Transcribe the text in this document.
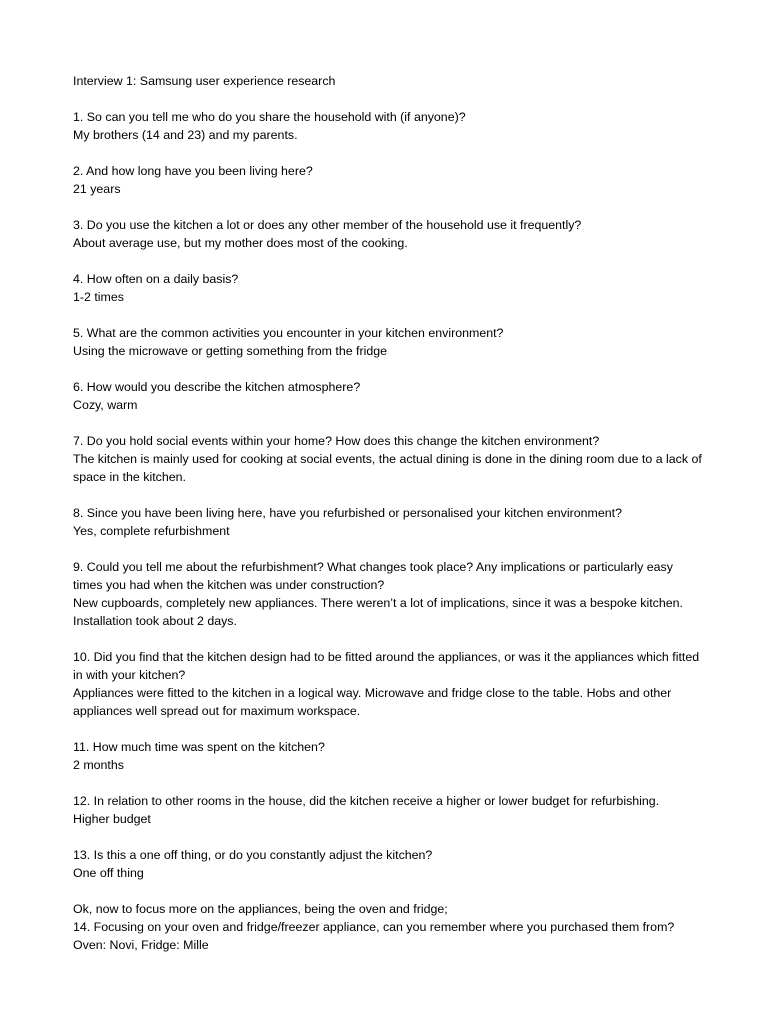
Interview 1: Samsung user experience research

1. So can you tell me who do you share the household with (if anyone)?

My brothers (14 and 23) and my parents.

2. And how long have you been living here?

21 years

3. Do you use the kitchen a lot or does any other member of the household use it frequently?

About average use, but my mother does most of the cooking.

4. How often on a daily basis?

1-2 times

5. What are the common activities you encounter in your kitchen environment?

Using the microwave or getting something from the fridge

6. How would you describe the kitchen atmosphere?

Cozy, warm

7. Do you hold social events within your home? How does this change the kitchen environment?

The kitchen is mainly used for cooking at social events, the actual dining is done in the dining room due to a lack of space in the kitchen.

8. Since you have been living here, have you refurbished or personalised your kitchen environment?

Yes, complete refurbishment

9. Could you tell me about the refurbishment? What changes took place? Any implications or particularly easy times you had when the kitchen was under construction?

New cupboards, completely new appliances. There weren’t a lot of implications, since it was a bespoke kitchen. Installation took about 2 days.

10. Did you find that the kitchen design had to be fitted around the appliances, or was it the appliances which fitted in with your kitchen?

Appliances were fitted to the kitchen in a logical way. Microwave and fridge close to the table. Hobs and other appliances well spread out for maximum workspace.

11. How much time was spent on the kitchen?

2 months

12. In relation to other rooms in the house, did the kitchen receive a higher or lower budget for refurbishing.

Higher budget

13. Is this a one off thing, or do you constantly adjust the kitchen?

One off thing

Ok, now to focus more on the appliances, being the oven and fridge;

14. Focusing on your oven and fridge/freezer appliance, can you remember where you purchased them from?

Oven: Novi, Fridge: Mille
